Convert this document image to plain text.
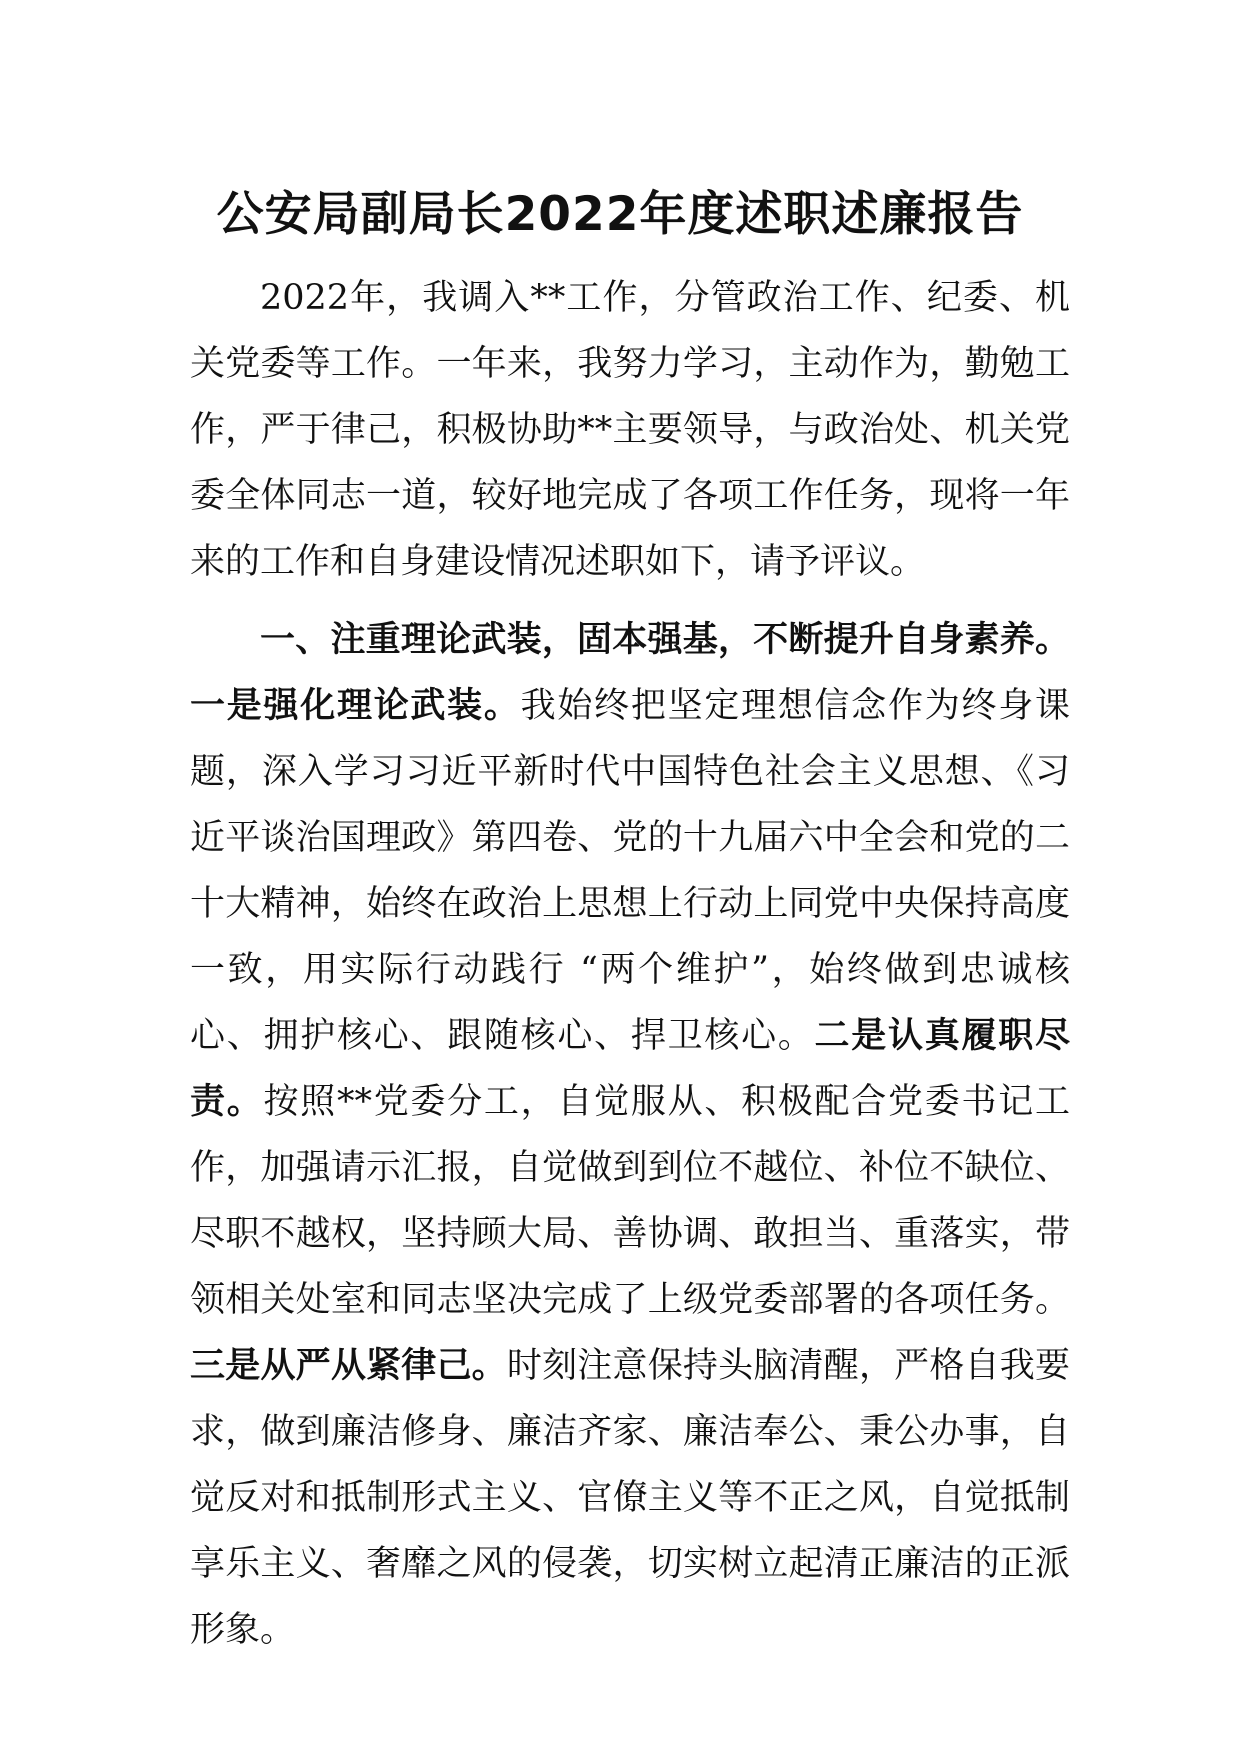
公安局副局长2022年度述职述廉报告

2022年，我调入**工作，分管政治工作、纪委、机关党委等工作。一年来，我努力学习，主动作为，勤勉工作，严于律己，积极协助**主要领导，与政治处、机关党委全体同志一道，较好地完成了各项工作任务，现将一年来的工作和自身建设情况述职如下，请予评议。

一、注重理论武装，固本强基，不断提升自身素养。一是强化理论武装。我始终把坚定理想信念作为终身课题，深入学习习近平新时代中国特色社会主义思想、《习近平谈治国理政》第四卷、党的十九届六中全会和党的二十大精神，始终在政治上思想上行动上同党中央保持高度一致，用实际行动践行 “两个维护”，始终做到忠诚核心、拥护核心、跟随核心、捍卫核心。二是认真履职尽责。按照**党委分工，自觉服从、积极配合党委书记工作，加强请示汇报，自觉做到到位不越位、补位不缺位、尽职不越权，坚持顾大局、善协调、敢担当、重落实，带领相关处室和同志坚决完成了上级党委部署的各项任务。三是从严从紧律己。时刻注意保持头脑清醒，严格自我要求，做到廉洁修身、廉洁齐家、廉洁奉公、秉公办事，自觉反对和抵制形式主义、官僚主义等不正之风，自觉抵制享乐主义、奢靡之风的侵袭，切实树立起清正廉洁的正派形象。
